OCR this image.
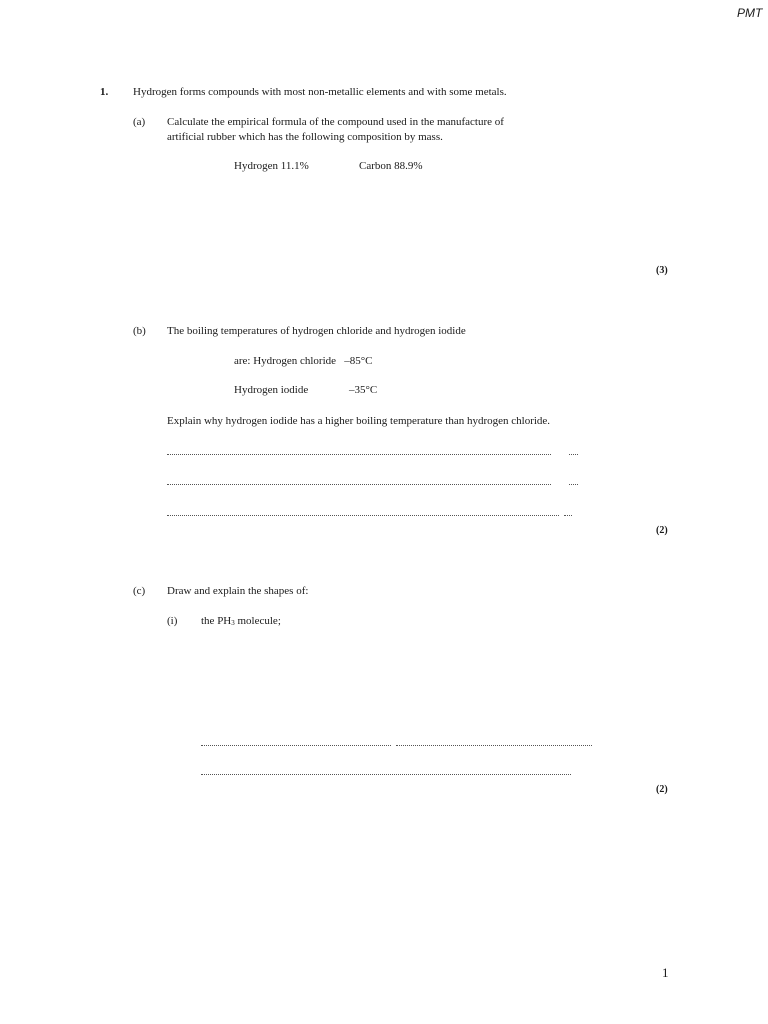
PMT
1. Hydrogen forms compounds with most non-metallic elements and with some metals.
(a) Calculate the empirical formula of the compound used in the manufacture of
artificial rubber which has the following composition by mass.
Hydrogen 11.1%	Carbon 88.9%
(3)
(b) The boiling temperatures of hydrogen chloride and hydrogen iodide
are: Hydrogen chloride   –85°C
Hydrogen iodide	–35°C
Explain why hydrogen iodide has a higher boiling temperature than hydrogen chloride.
(2)
(c) Draw and explain the shapes of:
(i) the $PH_3$ molecule;
(2)
1
